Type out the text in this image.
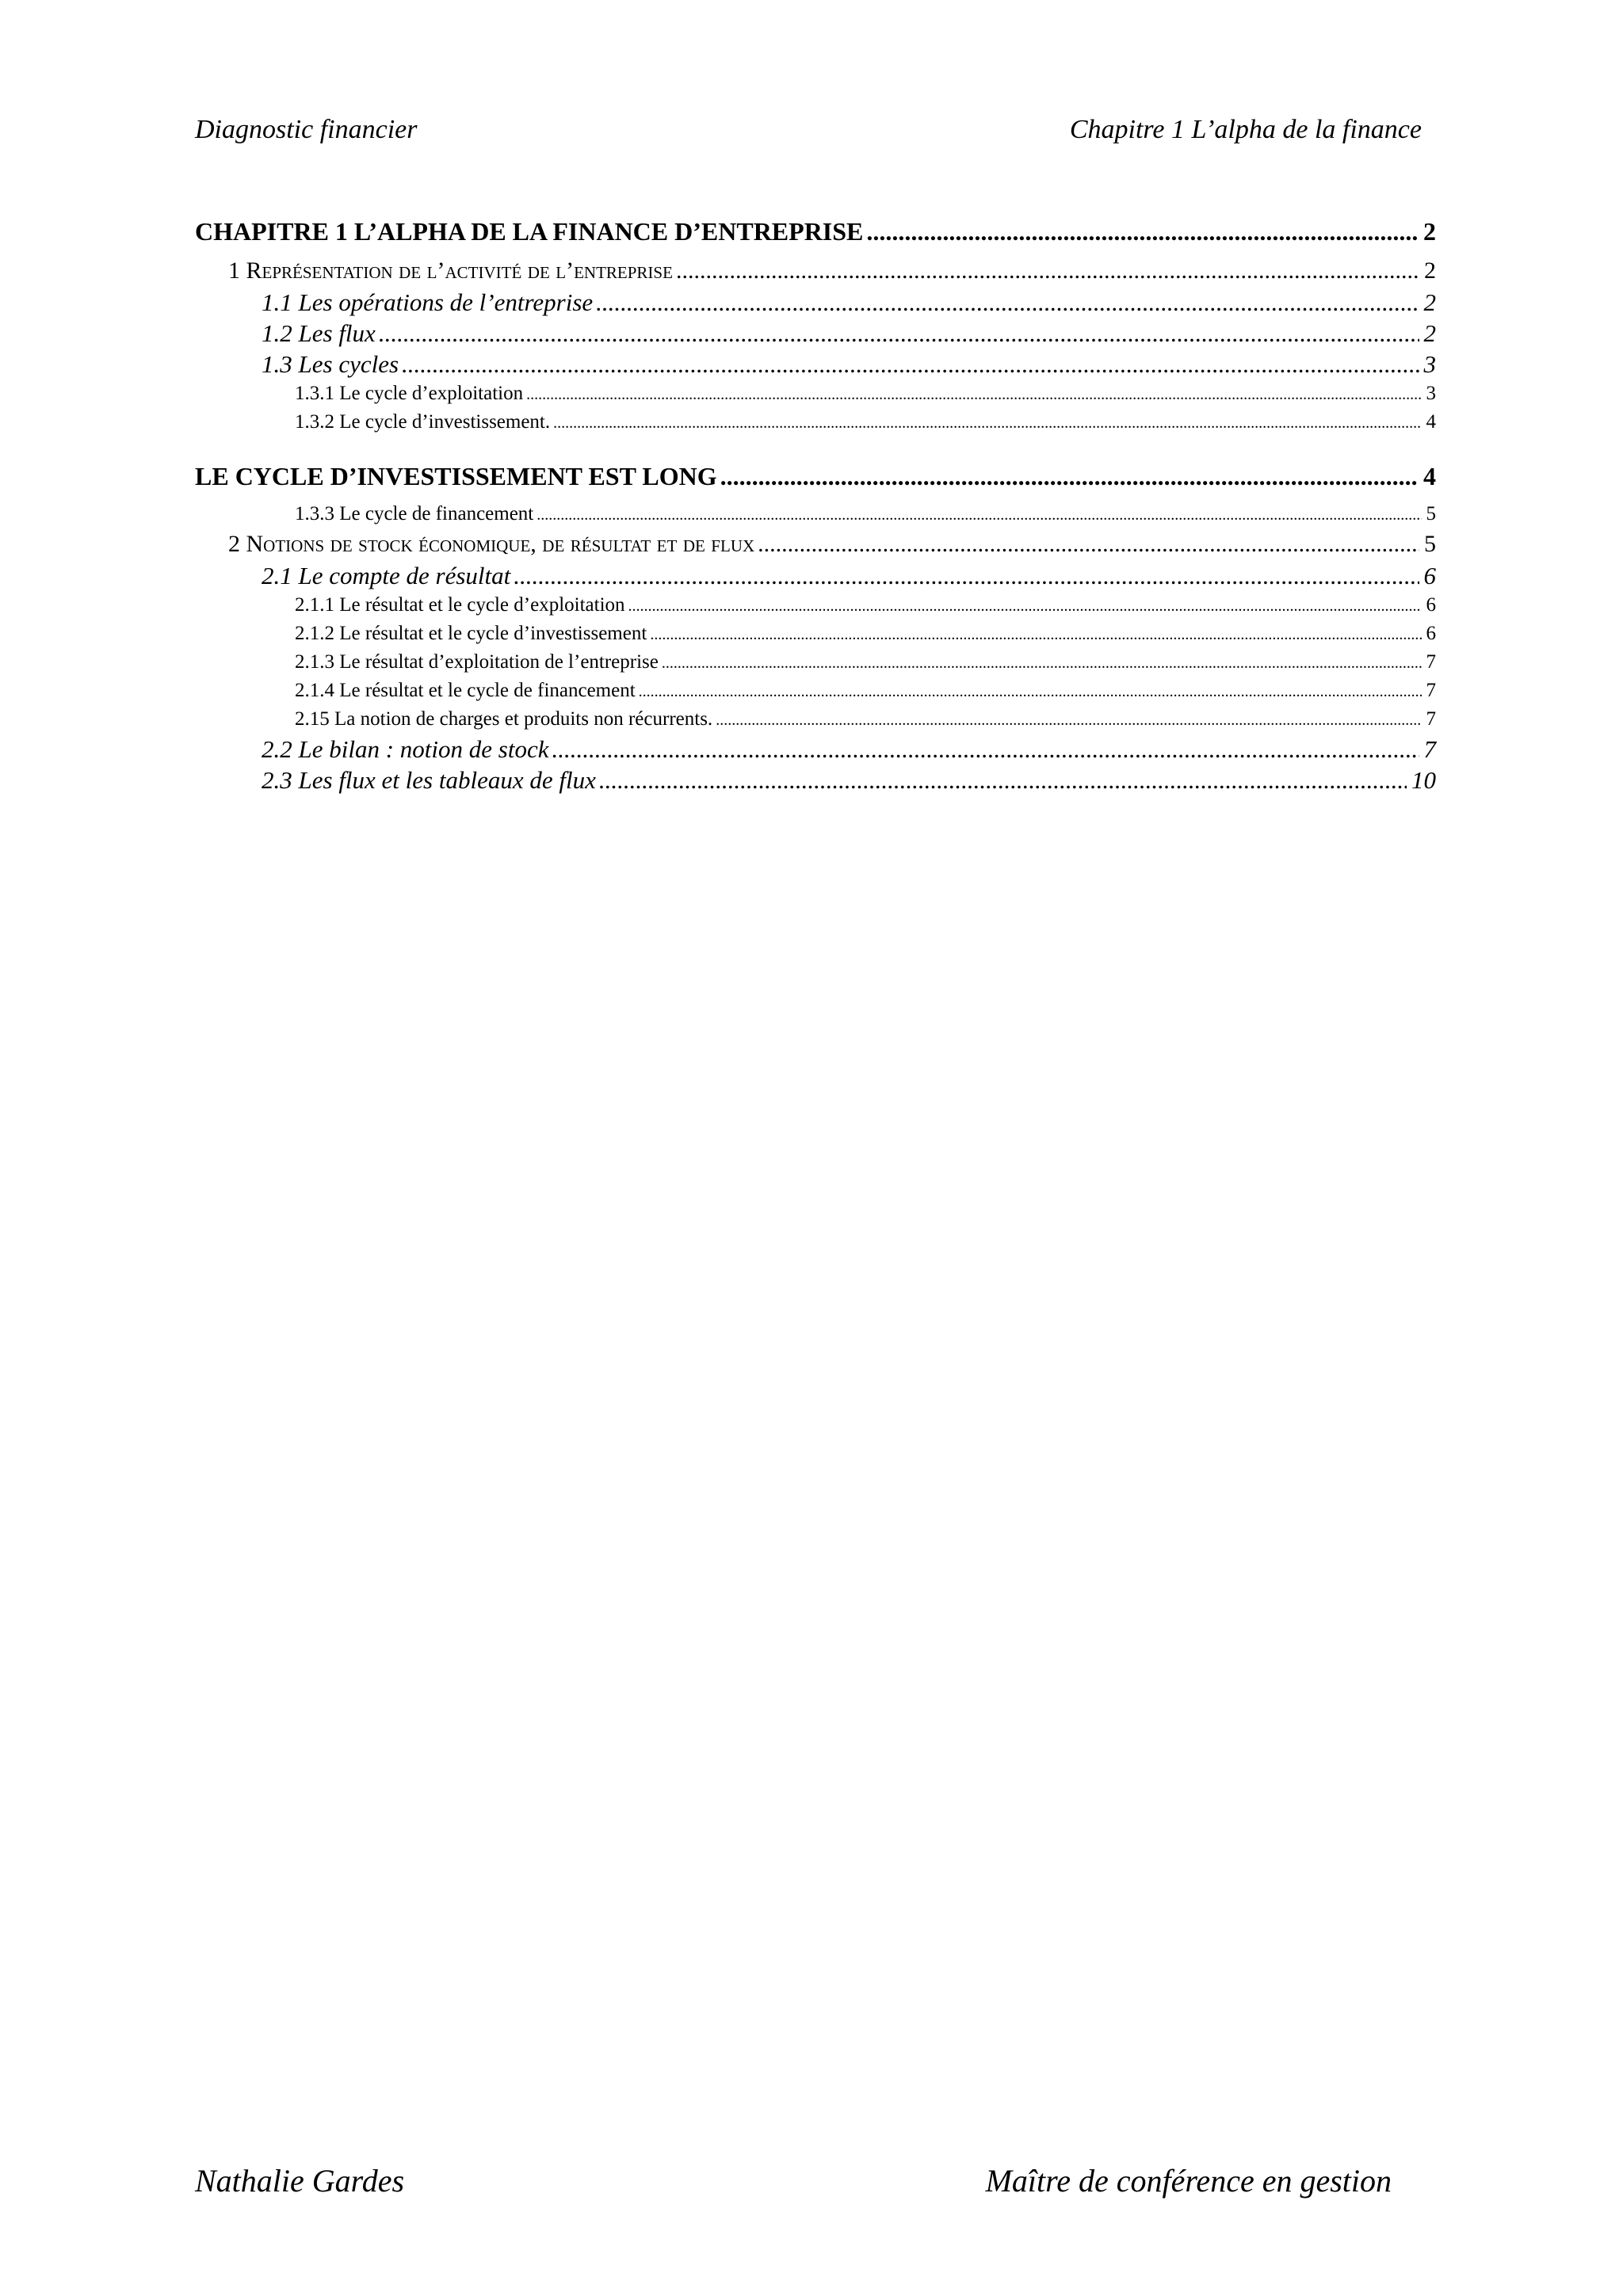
Diagnostic financier	Chapitre 1 L’alpha de la finance
CHAPITRE 1 L’ALPHA DE LA FINANCE D’ENTREPRISE .....	2
1 Représentation de l’activité de l’entreprise .....	2
1.1 Les opérations de l’entreprise .....	2
1.2 Les flux .....	2
1.3 Les cycles .....	3
1.3.1 Le cycle d’exploitation .....	3
1.3.2 Le cycle d’investissement. .....	4
LE CYCLE D’INVESTISSEMENT EST LONG .....	4
1.3.3 Le cycle de financement .....	5
2 Notions de stock économique, de résultat et de flux .....	5
2.1 Le compte de résultat .....	6
2.1.1 Le résultat et le cycle d’exploitation .....	6
2.1.2 Le résultat et le cycle d’investissement .....	6
2.1.3 Le résultat d’exploitation de l’entreprise .....	7
2.1.4 Le résultat et le cycle de financement .....	7
2.15 La notion de charges et produits non récurrents. .....	7
2.2 Le bilan : notion de stock .....	7
2.3 Les flux et les tableaux de flux .....	10
Nathalie Gardes	Maître de conférence en gestion
